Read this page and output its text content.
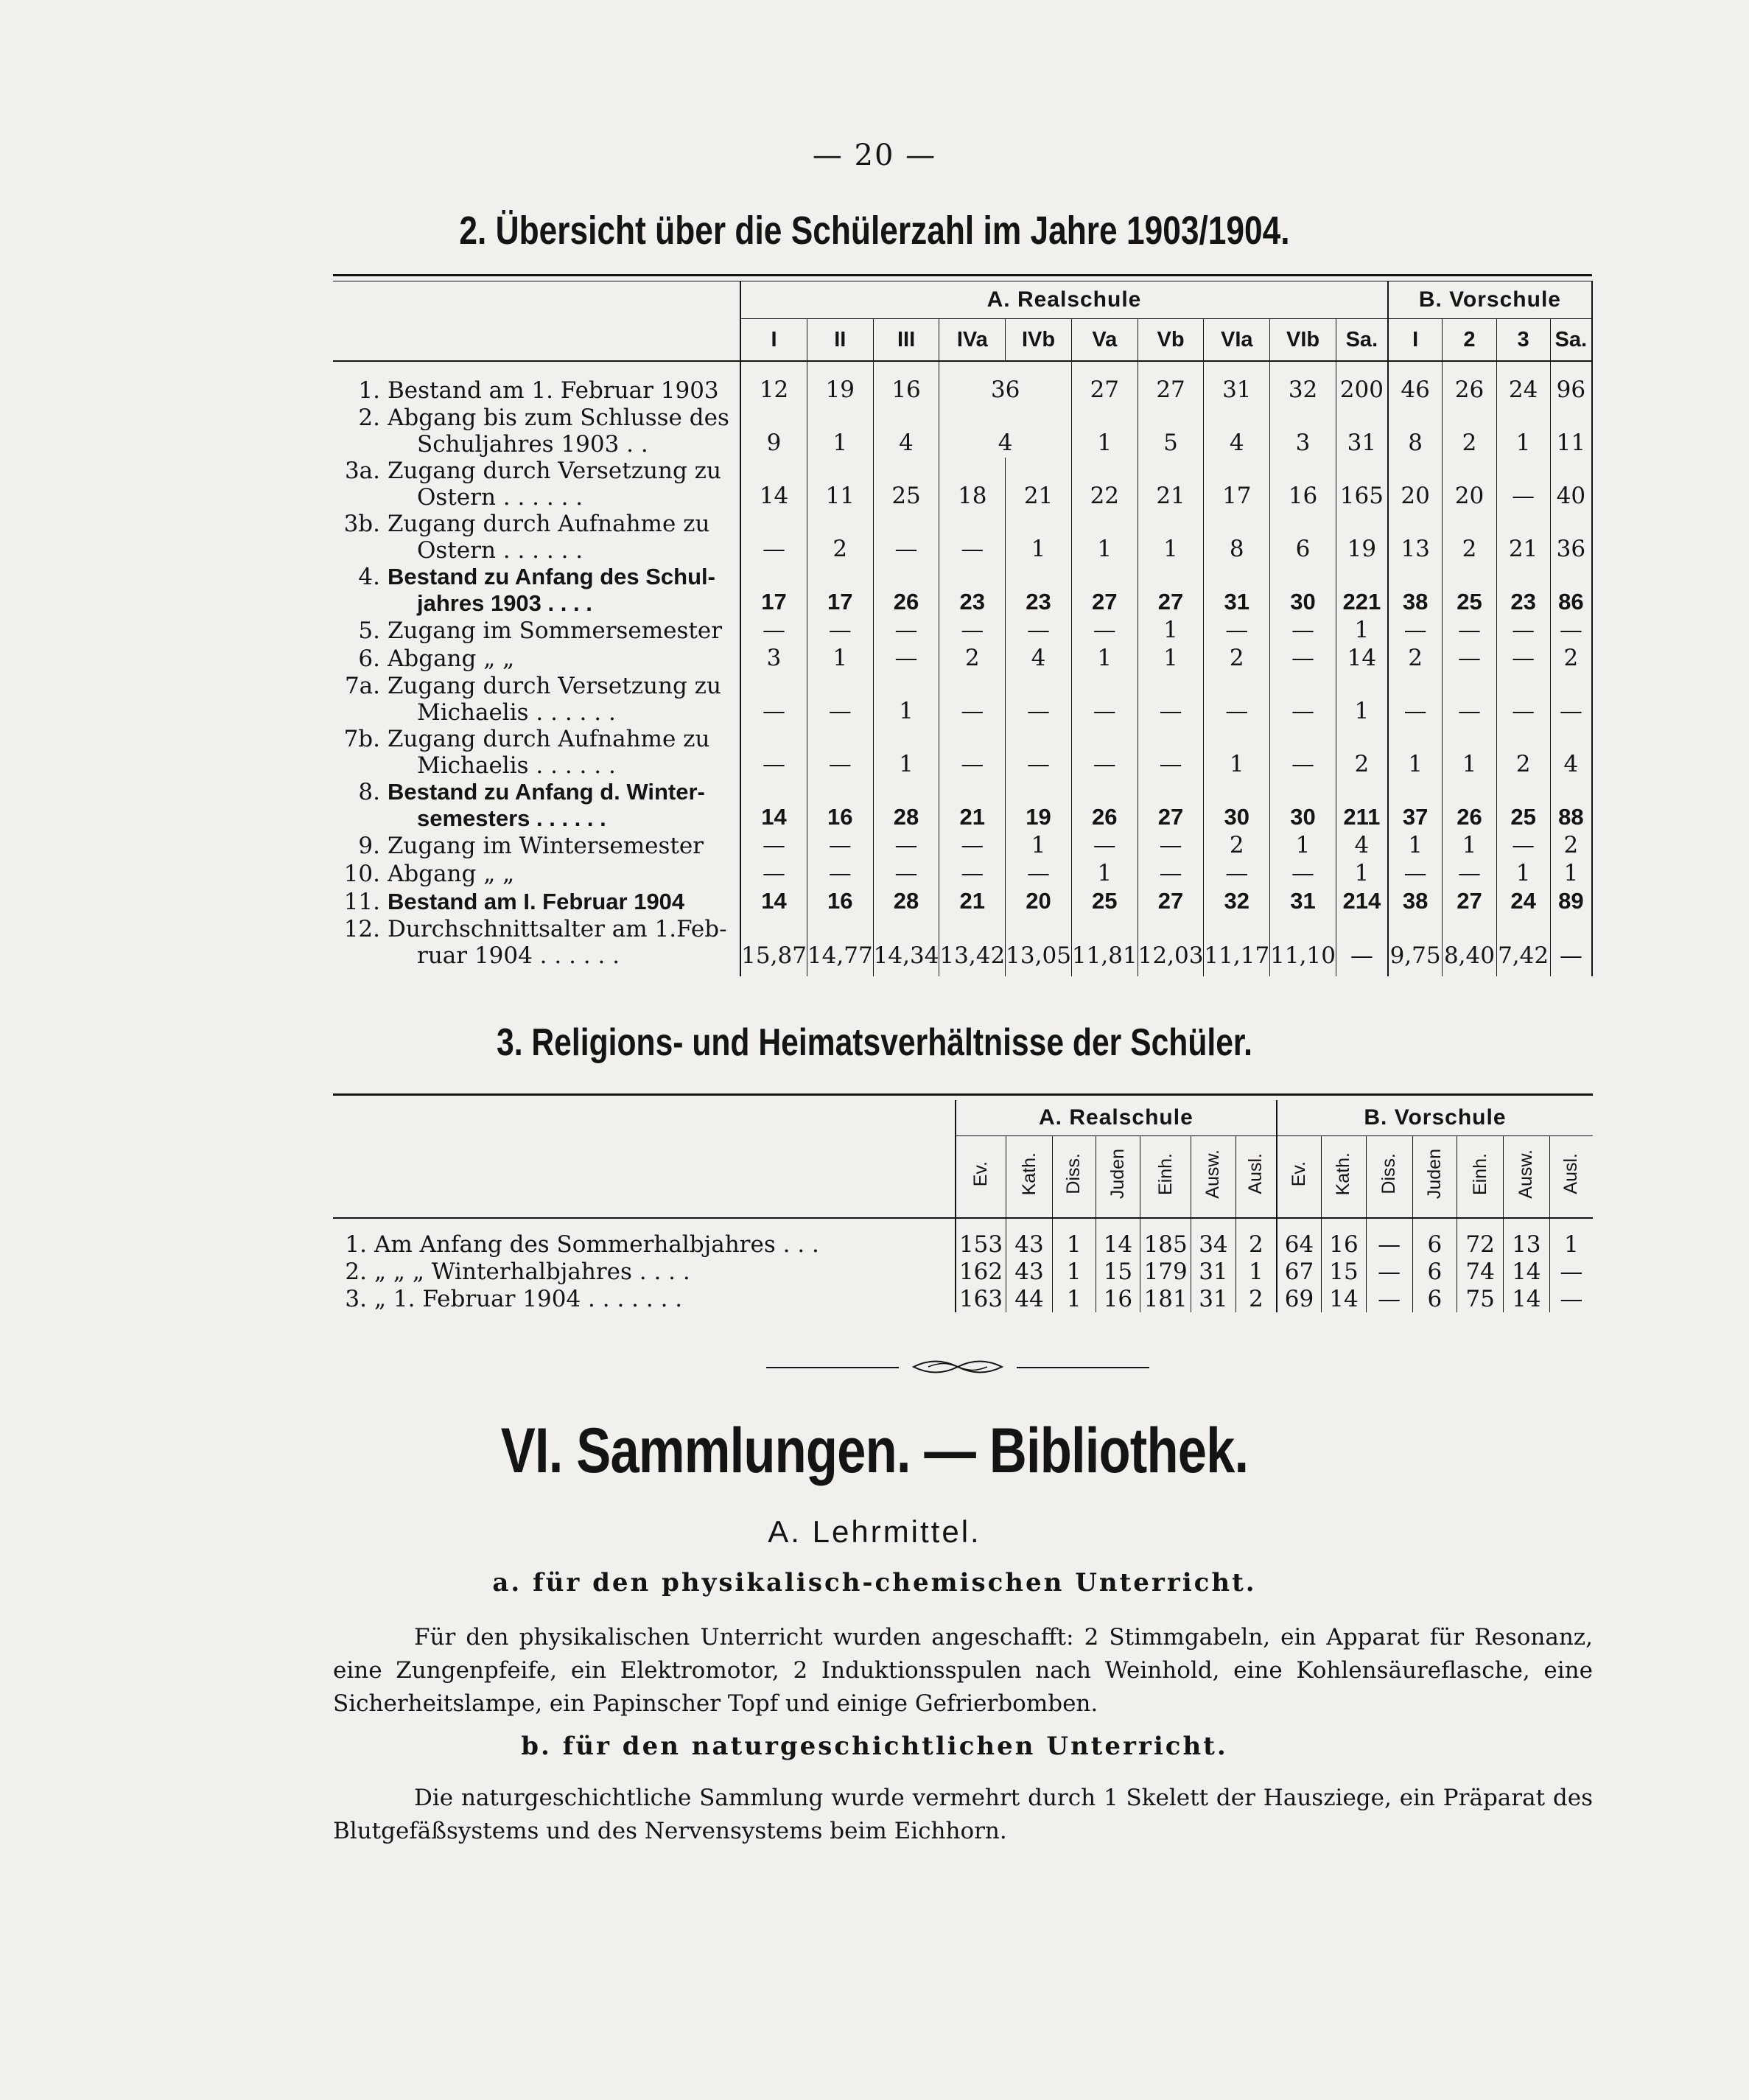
— 20 —
2. Übersicht über die Schülerzahl im Jahre 1903/1904.

	A. Realschule										B. Vorschule			
	I	II	III	IVa	IVb	Va	Vb	VIa	VIb	Sa.	I	2	3	Sa.

1. Bestand am 1. Februar 1903	12	19	16	36		27	27	31	32	200	46	26	24	96

2. Abgang bis zum Schlusse des
Schuljahres 1903 . .	9	1	4	4		1	5	4	3	31	8	2	1	11

3a. Zugang durch Versetzung zu
Ostern . . . . . .	14	11	25	18	21	22	21	17	16	165	20	20	—	40

3b. Zugang durch Aufnahme zu
Ostern . . . . . .	—	2	—	—	1	1	1	8	6	19	13	2	21	36

4. Bestand zu Anfang des Schul-
jahres 1903 . . . .	17	17	26	23	23	27	27	31	30	221	38	25	23	86

5. Zugang im Sommersemester	—	—	—	—	—	—	1	—	—	1	—	—	—	—

6. Abgang „ „	3	1	—	2	4	1	1	2	—	14	2	—	—	2

7a. Zugang durch Versetzung zu
Michaelis . . . . . .	—	—	1	—	—	—	—	—	—	1	—	—	—	—

7b. Zugang durch Aufnahme zu
Michaelis . . . . . .	—	—	1	—	—	—	—	1	—	2	1	1	2	4

8. Bestand zu Anfang d. Winter-
semesters . . . . . .	14	16	28	21	19	26	27	30	30	211	37	26	25	88

9. Zugang im Wintersemester	—	—	—	—	1	—	—	2	1	4	1	1	—	2

10. Abgang „ „	—	—	—	—	—	1	—	—	—	1	—	—	1	1

11. Bestand am I. Februar 1904	14	16	28	21	20	25	27	32	31	214	38	27	24	89

12. Durchschnittsalter am 1.Feb-
ruar 1904 . . . . . .	15,87	14,77	14,34	13,42	13,05	11,81	12,03	11,17	11,10	—	9,75	8,40	7,42	—
3. Religions- und Heimatsverhältnisse der Schüler.

	A. Realschule							B. Vorschule						
	Ev.	Kath.	Diss.	Juden	Einh.	Ausw.	Ausl.	Ev.	Kath.	Diss.	Juden	Einh.	Ausw.	Ausl.
1. Am Anfang des Sommerhalbjahres . . .	153	43	1	14	185	34	2	64	16	—	6	72	13	1
2. „ „ „ Winterhalbjahres . . . .	162	43	1	15	179	31	1	67	15	—	6	74	14	—
3. „ 1. Februar 1904 . . . . . . .	163	44	1	16	181	31	2	69	14	—	6	75	14	—
VI. Sammlungen. — Bibliothek.
A. Lehrmittel.
a. für den physikalisch-chemischen Unterricht.
Für den physikalischen Unterricht wurden angeschafft: 2 Stimmgabeln, ein Apparat für Resonanz, eine Zungenpfeife, ein Elektromotor, 2 Induktionsspulen nach Weinhold, eine Kohlensäureflasche, eine Sicherheitslampe, ein Papinscher Topf und einige Gefrierbomben.
b. für den naturgeschichtlichen Unterricht.
Die naturgeschichtliche Sammlung wurde vermehrt durch 1 Skelett der Hausziege, ein Präparat des Blutgefäßsystems und des Nervensystems beim Eichhorn.
